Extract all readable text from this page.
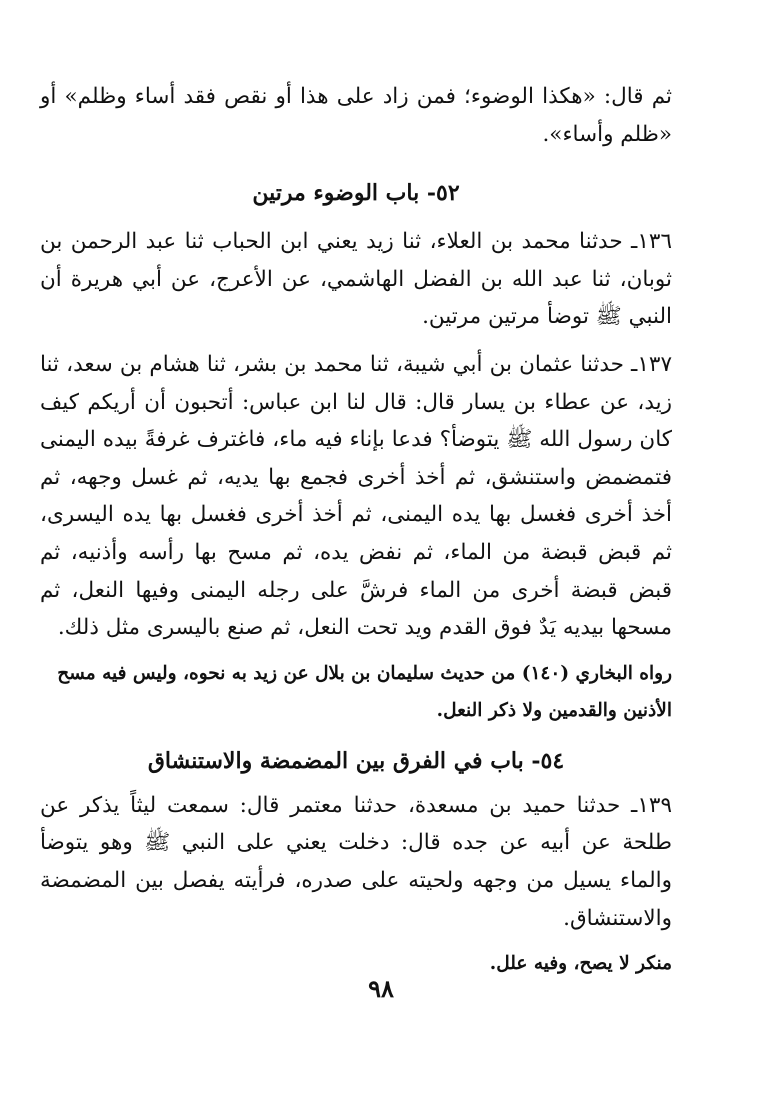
ثم قال: «هكذا الوضوء؛ فمن زاد على هذا أو نقص فقد أساء وظلم» أو «ظلم وأساء».

٥٢- باب الوضوء مرتين

١٣٦ـ حدثنا محمد بن العلاء، ثنا زيد يعني ابن الحباب ثنا عبد الرحمن بن ثوبان، ثنا عبد الله بن الفضل الهاشمي، عن الأعرج، عن أبي هريرة أن النبي ﷺ توضأ مرتين مرتين.

١٣٧ـ حدثنا عثمان بن أبي شيبة، ثنا محمد بن بشر، ثنا هشام بن سعد، ثنا زيد، عن عطاء بن يسار قال: قال لنا ابن عباس: أتحبون أن أريكم كيف كان رسول الله ﷺ يتوضأ؟ فدعا بإناء فيه ماء، فاغترف غرفةً بيده اليمنى فتمضمض واستنشق، ثم أخذ أخرى فجمع بها يديه، ثم غسل وجهه، ثم أخذ أخرى فغسل بها يده اليمنى، ثم أخذ أخرى فغسل بها يده اليسرى، ثم قبض قبضة من الماء، ثم نفض يده، ثم مسح بها رأسه وأذنيه، ثم قبض قبضة أخرى من الماء فرشَّ على رجله اليمنى وفيها النعل، ثم مسحها بيديه يَدٌ فوق القدم ويد تحت النعل، ثم صنع باليسرى مثل ذلك.

رواه البخاري (١٤٠) من حديث سليمان بن بلال عن زيد به نحوه، وليس فيه مسح الأذنين والقدمين ولا ذكر النعل.

٥٤- باب في الفرق بين المضمضة والاستنشاق

١٣٩ـ حدثنا حميد بن مسعدة، حدثنا معتمر قال: سمعت ليثاً يذكر عن طلحة عن أبيه عن جده قال: دخلت يعني على النبي ﷺ وهو يتوضأ والماء يسيل من وجهه ولحيته على صدره، فرأيته يفصل بين المضمضة والاستنشاق.

منكر لا يصح، وفيه علل.

٩٨
